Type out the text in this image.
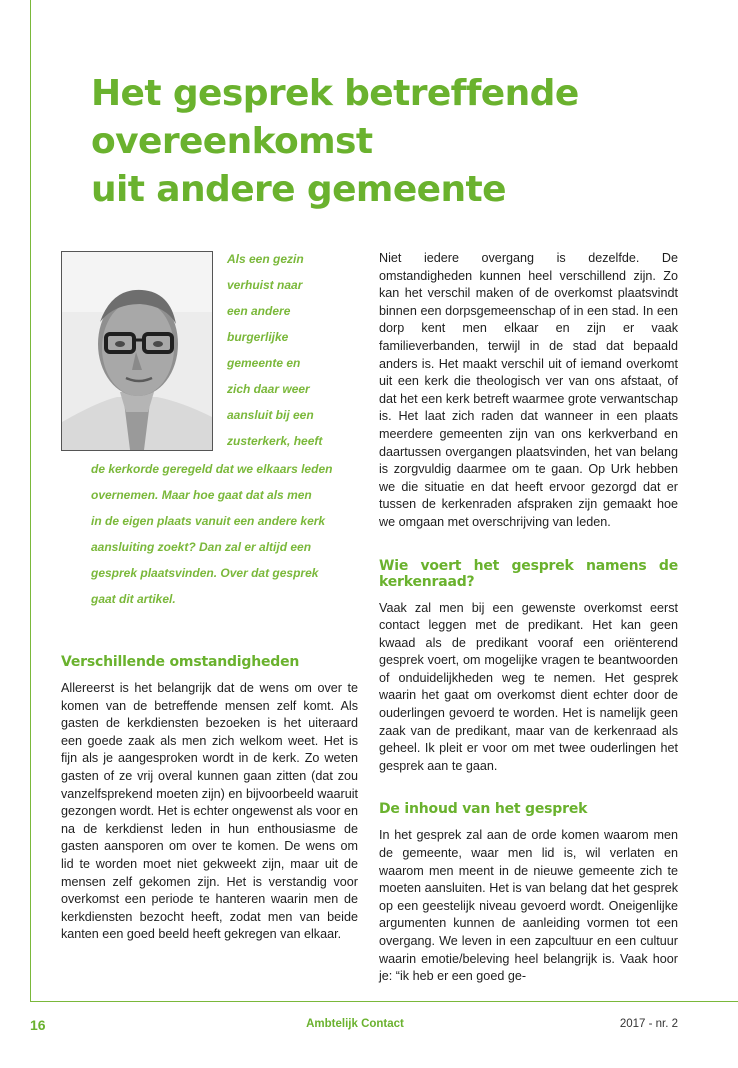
Het gesprek betreffende
overeenkomst
uit andere gemeente
Als een gezin
verhuist naar
een andere
burgerlijke
gemeente en
zich daar weer
aansluit bij een
zusterkerk, heeft
de kerkorde geregeld dat we elkaars leden
overnemen. Maar hoe gaat dat als men
in de eigen plaats vanuit een andere kerk
aansluiting zoekt? Dan zal er altijd een
gesprek plaatsvinden. Over dat gesprek
gaat dit artikel.
Verschillende omstandigheden

Allereerst is het belangrijk dat de wens om over te komen van de betreffende mensen zelf komt. Als gasten de kerkdiensten bezoeken is het uiteraard een goede zaak als men zich welkom weet. Het is fijn als je aangesproken wordt in de kerk. Zo weten gasten of ze vrij overal kunnen gaan zitten (dat zou vanzelfsprekend moeten zijn) en bijvoorbeeld waaruit gezongen wordt. Het is echter ongewenst als voor en na de kerkdienst leden in hun enthousiasme de gasten aansporen om over te komen. De wens om lid te worden moet niet gekweekt zijn, maar uit de mensen zelf gekomen zijn. Het is verstandig voor overkomst een periode te hanteren waarin men de kerkdiensten bezocht heeft, zodat men van beide kanten een goed beeld heeft gekregen van elkaar.

Niet iedere overgang is dezelfde. De omstandigheden kunnen heel verschillend zijn. Zo kan het verschil maken of de overkomst plaatsvindt binnen een dorpsgemeenschap of in een stad. In een dorp kent men elkaar en zijn er vaak familieverbanden, terwijl in de stad dat bepaald anders is. Het maakt verschil uit of iemand overkomt uit een kerk die theologisch ver van ons afstaat, of dat het een kerk betreft waarmee grote verwantschap is. Het laat zich raden dat wanneer in een plaats meerdere gemeenten zijn van ons kerkverband en daartussen overgangen plaatsvinden, het van belang is zorgvuldig daarmee om te gaan. Op Urk hebben we die situatie en dat heeft ervoor gezorgd dat er tussen de kerkenraden afspraken zijn gemaakt hoe we omgaan met overschrijving van leden.

Wie voert het gesprek namens de kerkenraad?

Vaak zal men bij een gewenste overkomst eerst contact leggen met de predikant. Het kan geen kwaad als de predikant vooraf een oriënterend gesprek voert, om mogelijke vragen te beantwoorden of onduidelijkheden weg te nemen. Het gesprek waarin het gaat om overkomst dient echter door de ouderlingen gevoerd te worden. Het is namelijk geen zaak van de predikant, maar van de kerkenraad als geheel. Ik pleit er voor om met twee ouderlingen het gesprek aan te gaan.

De inhoud van het gesprek

In het gesprek zal aan de orde komen waarom men de gemeente, waar men lid is, wil verlaten en waarom men meent in de nieuwe gemeente zich te moeten aansluiten. Het is van belang dat het gesprek op een geestelijk niveau gevoerd wordt. Oneigenlijke argumenten kunnen de aanleiding vormen tot een overgang. We leven in een zapcultuur en een cultuur waarin emotie/beleving heel belangrijk is. Vaak hoor je: “ik heb er een goed ge-

16	Ambtelijk Contact	2017 - nr. 2
